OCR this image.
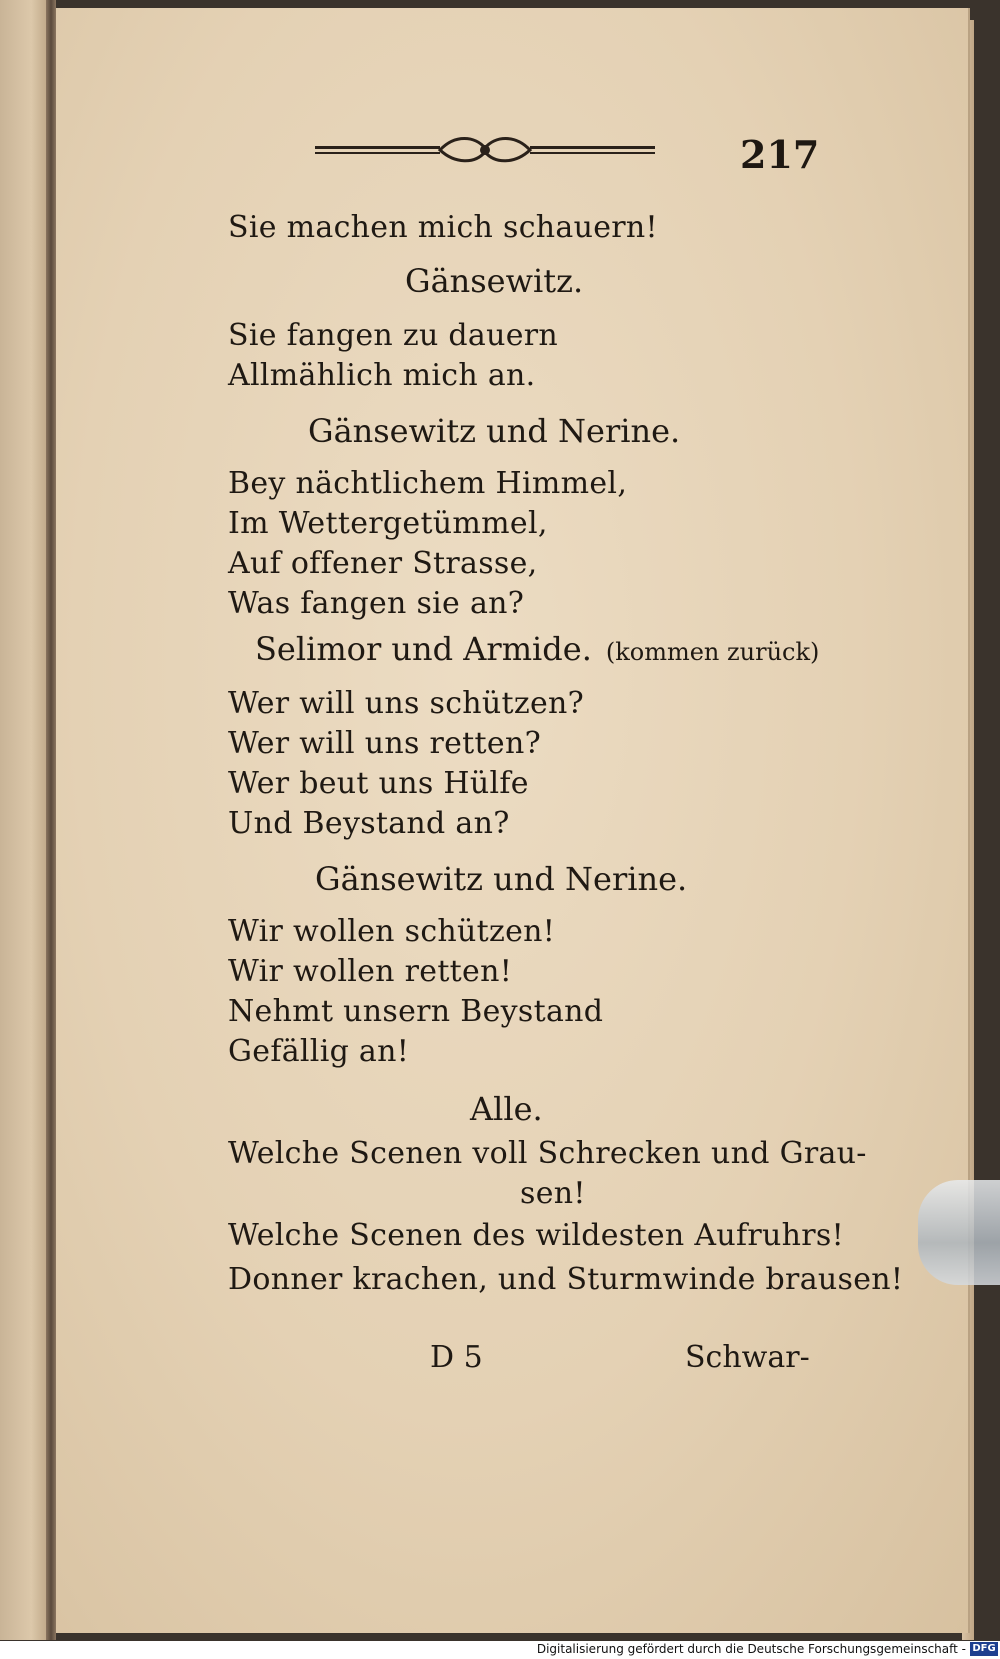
217
Sie machen mich schauern!
Gänsewitz.
Sie fangen zu dauern
Allmählich mich an.
Gänsewitz und Nerine.
Bey nächtlichem Himmel,
Im Wettergetümmel,
Auf offener Strasse,
Was fangen sie an?
Selimor und Armide. (kommen zurück)
Wer will uns schützen?
Wer will uns retten?
Wer beut uns Hülfe
Und Beystand an?
Gänsewitz und Nerine.
Wir wollen schützen!
Wir wollen retten!
Nehmt unsern Beystand
Gefällig an!
Alle.
Welche Scenen voll Schrecken und Grau-
sen!
Welche Scenen des wildesten Aufruhrs!
Donner krachen, und Sturmwinde brausen!
D 5	Schwar-
Digitalisierung gefördert durch die Deutsche Forschungsgemeinschaft - DFG
